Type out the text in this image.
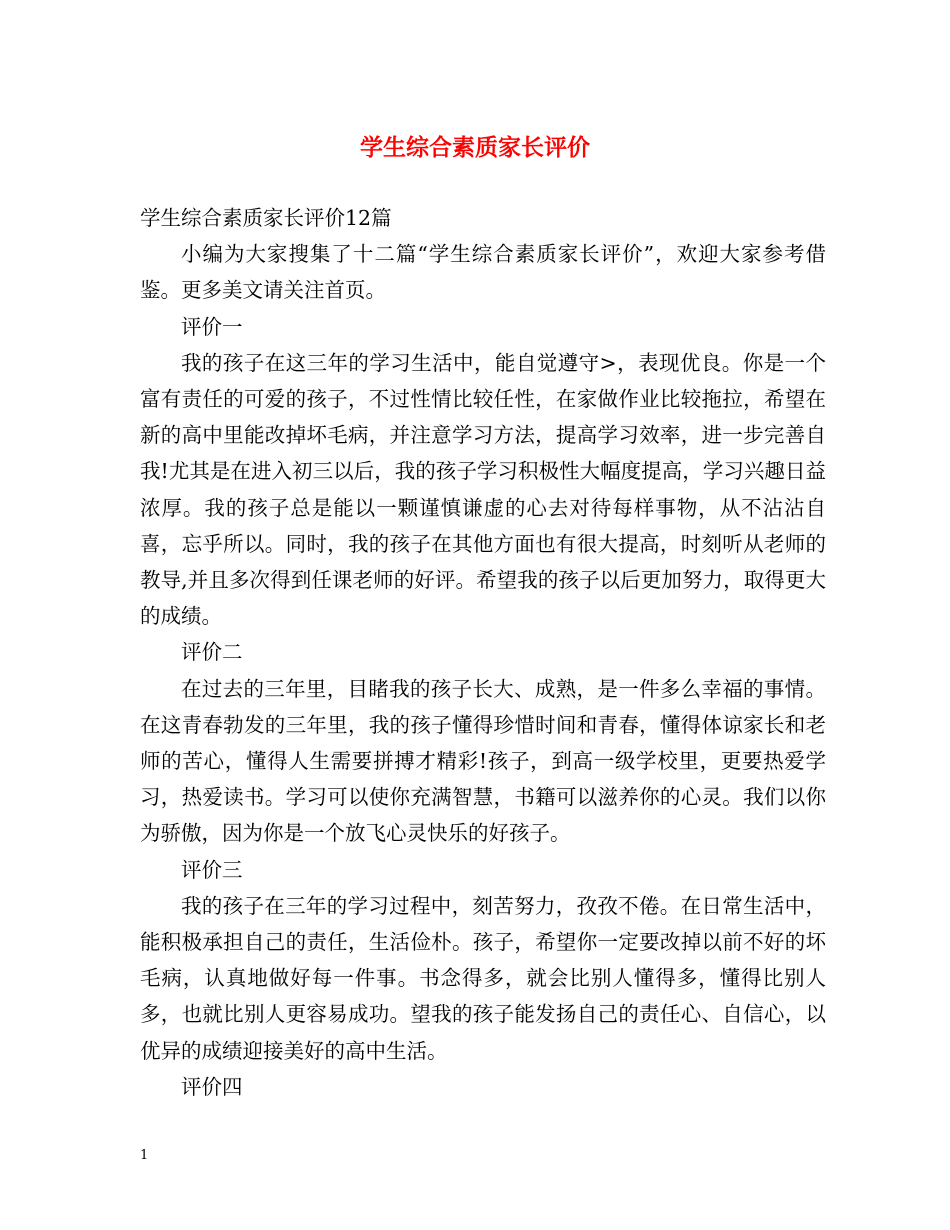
学生综合素质家长评价

学生综合素质家长评价12篇

小编为大家搜集了十二篇“学生综合素质家长评价”，欢迎大家参考借鉴。更多美文请关注首页。

评价一

我的孩子在这三年的学习生活中，能自觉遵守>，表现优良。你是一个富有责任的可爱的孩子，不过性情比较任性，在家做作业比较拖拉，希望在新的高中里能改掉坏毛病，并注意学习方法，提高学习效率，进一步完善自我!尤其是在进入初三以后，我的孩子学习积极性大幅度提高，学习兴趣日益浓厚。我的孩子总是能以一颗谨慎谦虚的心去对待每样事物，从不沾沾自喜，忘乎所以。同时，我的孩子在其他方面也有很大提高，时刻听从老师的教导,并且多次得到任课老师的好评。希望我的孩子以后更加努力，取得更大的成绩。

评价二

在过去的三年里，目睹我的孩子长大、成熟，是一件多么幸福的事情。在这青春勃发的三年里，我的孩子懂得珍惜时间和青春，懂得体谅家长和老师的苦心，懂得人生需要拼搏才精彩!孩子，到高一级学校里，更要热爱学习，热爱读书。学习可以使你充满智慧，书籍可以滋养你的心灵。我们以你为骄傲，因为你是一个放飞心灵快乐的好孩子。

评价三

我的孩子在三年的学习过程中，刻苦努力，孜孜不倦。在日常生活中，能积极承担自己的责任，生活俭朴。孩子，希望你一定要改掉以前不好的坏毛病，认真地做好每一件事。书念得多，就会比别人懂得多，懂得比别人多，也就比别人更容易成功。望我的孩子能发扬自己的责任心、自信心，以优异的成绩迎接美好的高中生活。

评价四

1
